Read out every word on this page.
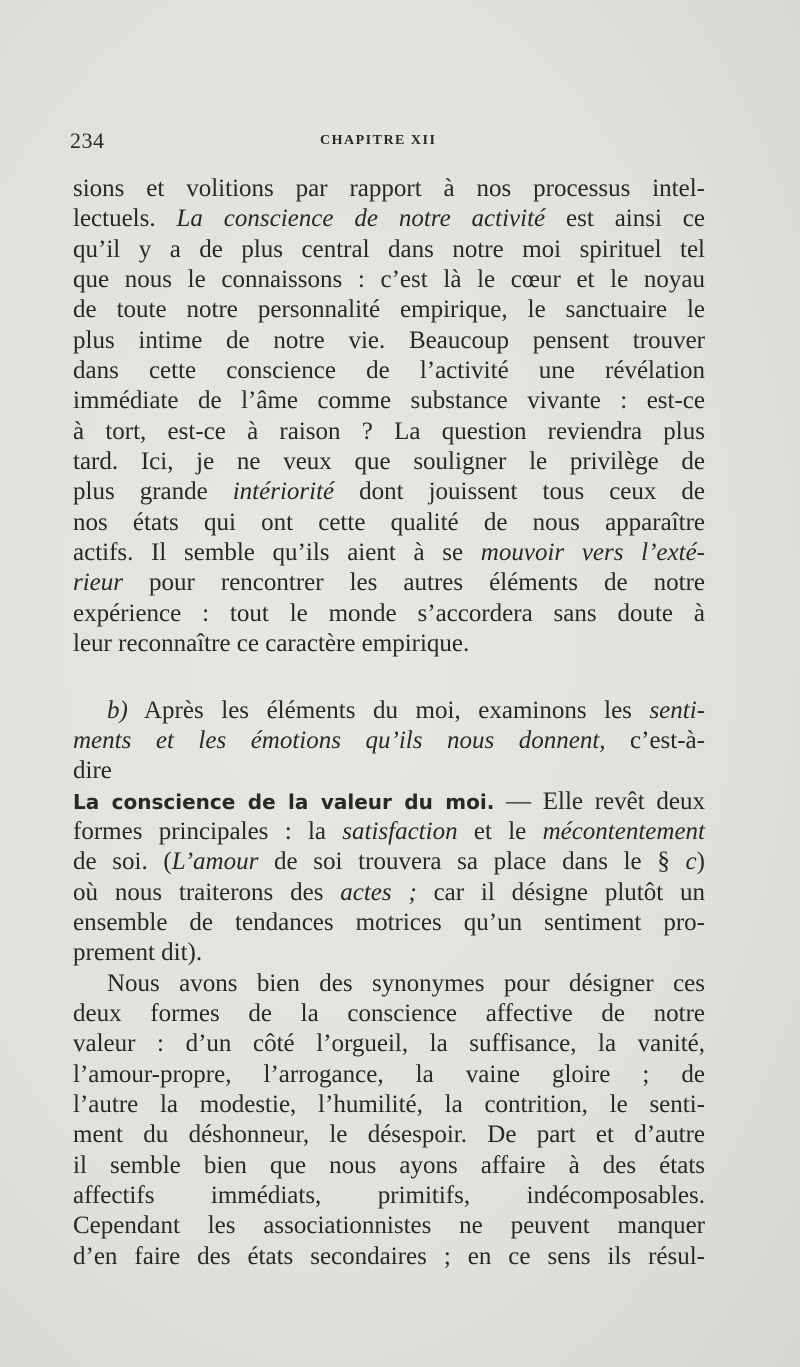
234	CHAPITRE XII
sions et volitions par rapport à nos processus intel-
lectuels. La conscience de notre activité est ainsi ce
qu’il y a de plus central dans notre moi spirituel tel
que nous le connaissons : c’est là le cœur et le noyau
de toute notre personnalité empirique, le sanctuaire le
plus intime de notre vie. Beaucoup pensent trouver
dans cette conscience de l’activité une révélation
immédiate de l’âme comme substance vivante : est-ce
à tort, est-ce à raison ? La question reviendra plus
tard. Ici, je ne veux que souligner le privilège de
plus grande intériorité dont jouissent tous ceux de
nos états qui ont cette qualité de nous apparaître
actifs. Il semble qu’ils aient à se mouvoir vers l’exté-
rieur pour rencontrer les autres éléments de notre
expérience : tout le monde s’accordera sans doute à
leur reconnaître ce caractère empirique.
b) Après les éléments du moi, examinons les senti-
ments et les émotions qu’ils nous donnent, c’est-à-
dire
La conscience de la valeur du moi. — Elle revêt deux
formes principales : la satisfaction et le mécontentement
de soi. (L’amour de soi trouvera sa place dans le § c)
où nous traiterons des actes ; car il désigne plutôt un
ensemble de tendances motrices qu’un sentiment pro-
prement dit).
Nous avons bien des synonymes pour désigner ces
deux formes de la conscience affective de notre
valeur : d’un côté l’orgueil, la suffisance, la vanité,
l’amour-propre, l’arrogance, la vaine gloire ; de
l’autre la modestie, l’humilité, la contrition, le senti-
ment du déshonneur, le désespoir. De part et d’autre
il semble bien que nous ayons affaire à des états
affectifs immédiats, primitifs, indécomposables.
Cependant les associationnistes ne peuvent manquer
d’en faire des états secondaires ; en ce sens ils résul-
